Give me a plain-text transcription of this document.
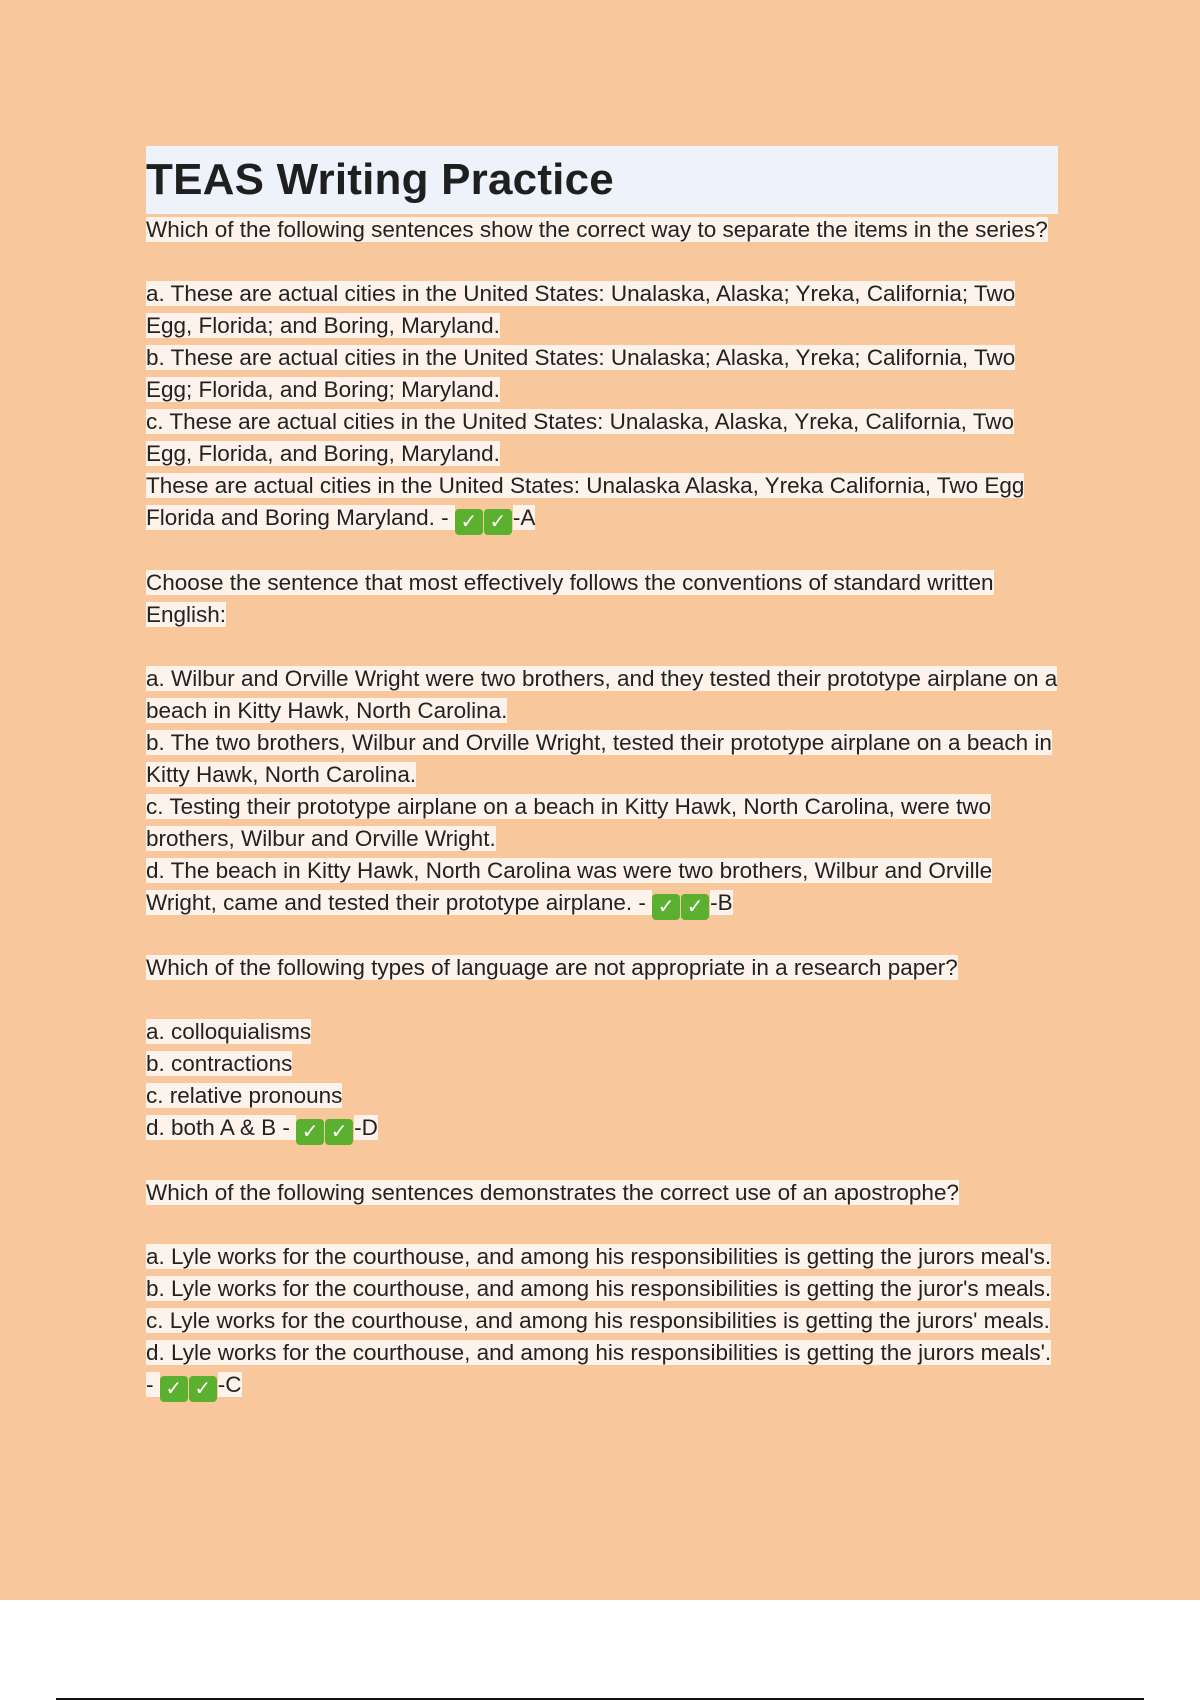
TEAS Writing Practice

Which of the following sentences show the correct way to separate the items in the series?

a. These are actual cities in the United States: Unalaska, Alaska; Yreka, California; Two Egg, Florida; and Boring, Maryland.

b. These are actual cities in the United States: Unalaska; Alaska, Yreka; California, Two Egg; Florida, and Boring; Maryland.

c. These are actual cities in the United States: Unalaska, Alaska, Yreka, California, Two Egg, Florida, and Boring, Maryland.

These are actual cities in the United States: Unalaska Alaska, Yreka California, Two Egg Florida and Boring Maryland. - ✓ ✓ -A

Choose the sentence that most effectively follows the conventions of standard written English:

a. Wilbur and Orville Wright were two brothers, and they tested their prototype airplane on a beach in Kitty Hawk, North Carolina.

b. The two brothers, Wilbur and Orville Wright, tested their prototype airplane on a beach in Kitty Hawk, North Carolina.

c. Testing their prototype airplane on a beach in Kitty Hawk, North Carolina, were two brothers, Wilbur and Orville Wright.

d. The beach in Kitty Hawk, North Carolina was were two brothers, Wilbur and Orville Wright, came and tested their prototype airplane. - ✓ ✓ -B

Which of the following types of language are not appropriate in a research paper?

a. colloquialisms

b. contractions

c. relative pronouns

d. both A & B - ✓ ✓ -D

Which of the following sentences demonstrates the correct use of an apostrophe?

a. Lyle works for the courthouse, and among his responsibilities is getting the jurors meal's.

b. Lyle works for the courthouse, and among his responsibilities is getting the juror's meals.

c. Lyle works for the courthouse, and among his responsibilities is getting the jurors' meals.

d. Lyle works for the courthouse, and among his responsibilities is getting the jurors meals'. - ✓ ✓ -C
